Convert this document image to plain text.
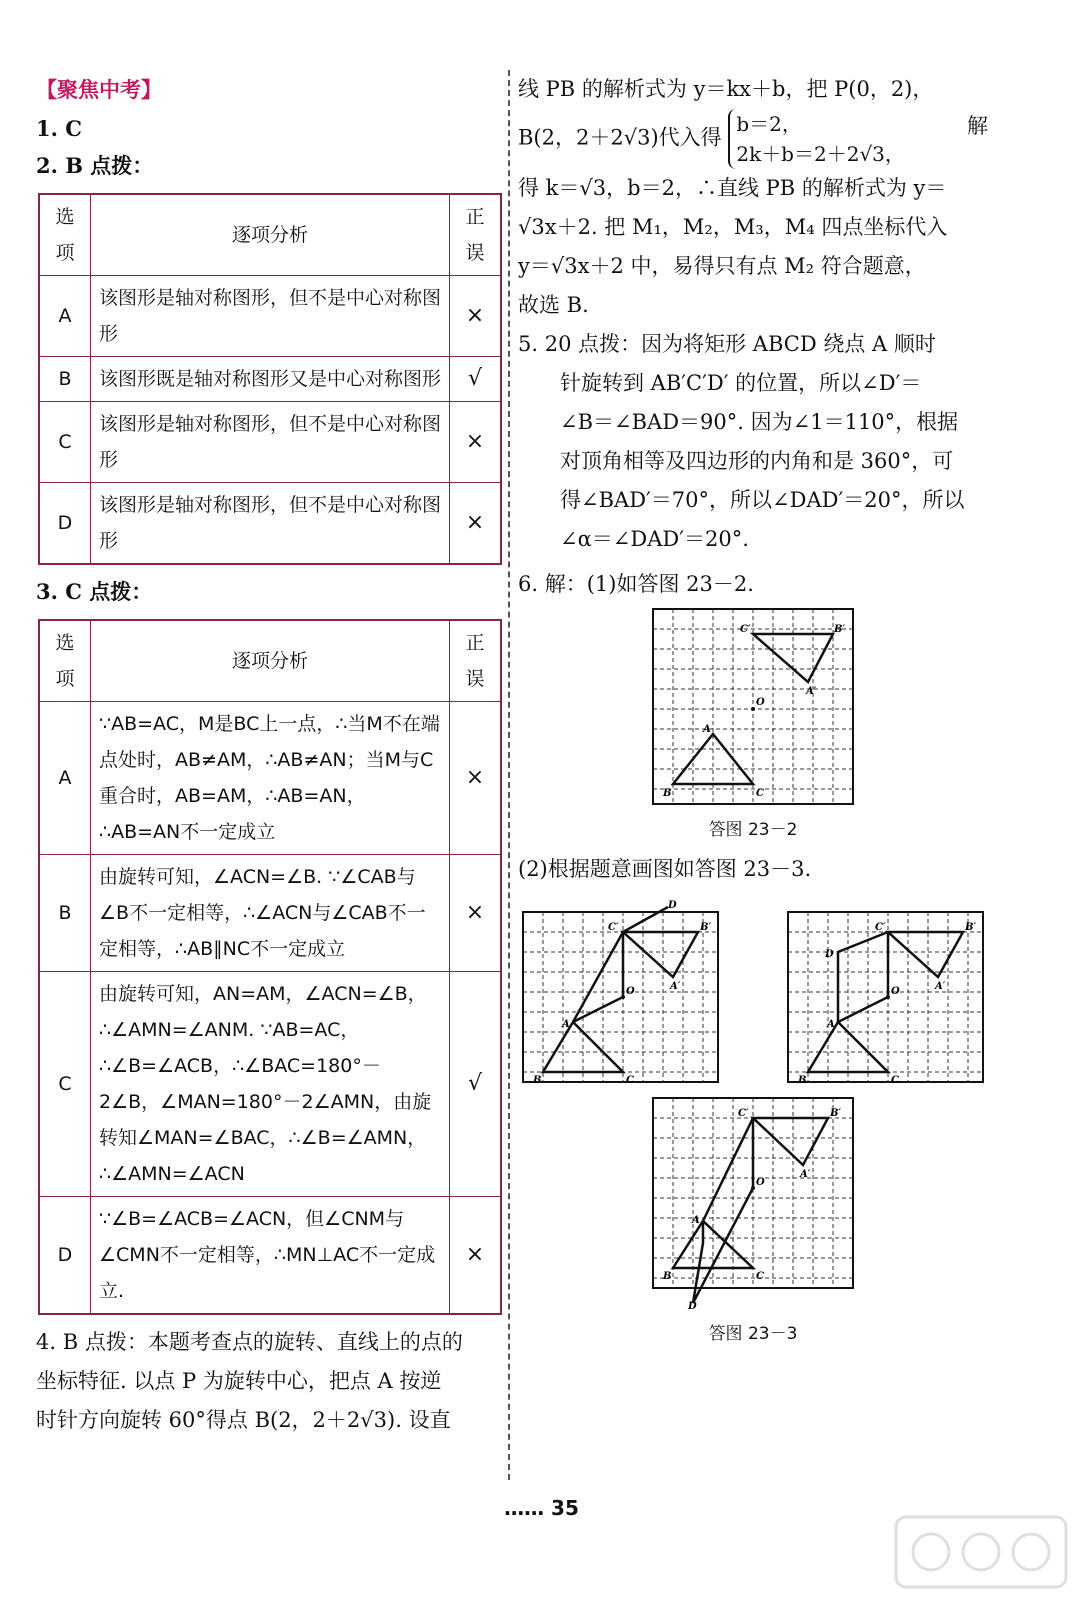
【聚焦中考】

1. C

2. B 点拨：

选项	逐项分析	正误
A	该图形是轴对称图形，但不是中心对称图形	×
B	该图形既是轴对称图形又是中心对称图形	√
C	该图形是轴对称图形，但不是中心对称图形	×
D	该图形是轴对称图形，但不是中心对称图形	×

3. C 点拨：

选项	逐项分析	正误
A	∵AB=AC，M是BC上一点，∴当M不在端点处时，AB≠AM，∴AB≠AN；当M与C重合时，AB=AM，∴AB=AN，∴AB=AN不一定成立	×
B	由旋转可知，∠ACN=∠B. ∵∠CAB与∠B不一定相等，∴∠ACN与∠CAB不一定相等，∴AB∥NC不一定成立	×
C	由旋转可知，AN=AM，∠ACN=∠B，∴∠AMN=∠ANM. ∵AB=AC，∴∠B=∠ACB，∴∠BAC=180°－2∠B，∠MAN=180°－2∠AMN，由旋转知∠MAN=∠BAC，∴∠B=∠AMN，∴∠AMN=∠ACN	√
D	∵∠B=∠ACB=∠ACN，但∠CNM与∠CMN不一定相等，∴MN⊥AC不一定成立.	×

4. B 点拨：本题考查点的旋转、直线上的点的

坐标特征. 以点 P 为旋转中心，把点 A 按逆

时针方向旋转 60°得点 B(2，2＋2√3). 设直

线 PB 的解析式为 y＝kx＋b，把 P(0，2)，

B(2，2＋2√3)代入得 b＝2，
2k＋b＝2＋2√3，
解

得 k＝√3，b＝2，∴直线 PB 的解析式为 y＝

√3x＋2. 把 M₁，M₂，M₃，M₄ 四点坐标代入

y＝√3x＋2 中，易得只有点 M₂ 符合题意，

故选 B.

5. 20 点拨：因为将矩形 ABCD 绕点 A 顺时

针旋转到 AB′C′D′ 的位置，所以∠D′＝

∠B＝∠BAD＝90°. 因为∠1＝110°，根据

对顶角相等及四边形的内角和是 360°，可

得∠BAD′＝70°，所以∠DAD′＝20°，所以

∠α＝∠DAD′＝20°.

6. 解：(1)如答图 23－2.

O
B	C
A
C′	B′
A′
答图 23－2

(2)根据题意画图如答图 23－3.

O
B	C
A
C′	B′
A′
D
O
B	C
A
C′	B′
A′
D
O
B	C
A
C′	B′
A′
D
答图 23－3
…… 35
